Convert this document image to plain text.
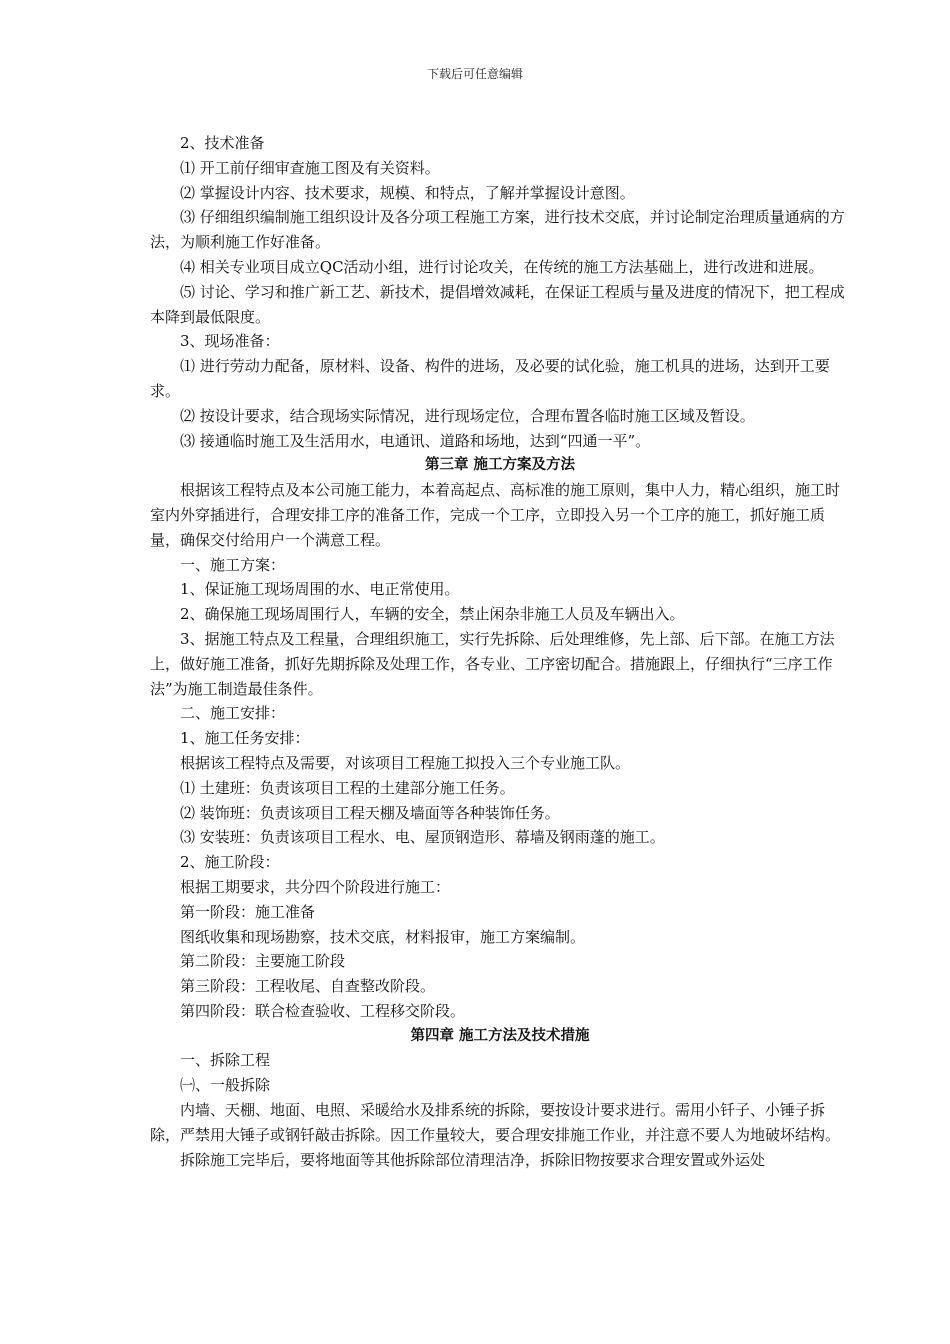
下载后可任意编辑

2、技术准备

⑴ 开工前仔细审查施工图及有关资料。

⑵ 掌握设计内容、技术要求，规模、和特点，了解并掌握设计意图。

⑶ 仔细组织编制施工组织设计及各分项工程施工方案，进行技术交底，并讨论制定治理质量通病的方法，为顺利施工作好准备。

⑷ 相关专业项目成立QC活动小组，进行讨论攻关，在传统的施工方法基础上，进行改进和进展。

⑸ 讨论、学习和推广新工艺、新技术，提倡增效减耗，在保证工程质与量及进度的情况下，把工程成本降到最低限度。

3、现场准备：

⑴ 进行劳动力配备，原材料、设备、构件的进场，及必要的试化验，施工机具的进场，达到开工要求。

⑵ 按设计要求，结合现场实际情况，进行现场定位，合理布置各临时施工区域及暂设。

⑶ 接通临时施工及生活用水，电通讯、道路和场地，达到“四通一平”。

第三章 施工方案及方法

根据该工程特点及本公司施工能力，本着高起点、高标准的施工原则，集中人力，精心组织，施工时室内外穿插进行，合理安排工序的准备工作，完成一个工序，立即投入另一个工序的施工，抓好施工质量，确保交付给用户一个满意工程。

一、施工方案：

1、保证施工现场周围的水、电正常使用。

2、确保施工现场周围行人，车辆的安全，禁止闲杂非施工人员及车辆出入。

3、据施工特点及工程量，合理组织施工，实行先拆除、后处理维修，先上部、后下部。在施工方法上，做好施工准备，抓好先期拆除及处理工作，各专业、工序密切配合。措施跟上，仔细执行“三序工作法”为施工制造最佳条件。

二、施工安排：

1、施工任务安排：

根据该工程特点及需要，对该项目工程施工拟投入三个专业施工队。

⑴ 土建班：负责该项目工程的土建部分施工任务。

⑵ 装饰班：负责该项目工程天棚及墙面等各种装饰任务。

⑶ 安装班：负责该项目工程水、电、屋顶钢造形、幕墙及钢雨蓬的施工。

2、施工阶段：

根据工期要求，共分四个阶段进行施工：

第一阶段：施工准备

图纸收集和现场勘察，技术交底，材料报审，施工方案编制。

第二阶段：主要施工阶段

第三阶段：工程收尾、自查整改阶段。

第四阶段：联合检查验收、工程移交阶段。

第四章 施工方法及技术措施

一、拆除工程

㈠、一般拆除

内墙、天棚、地面、电照、采暖给水及排系统的拆除，要按设计要求进行。需用小钎子、小锤子拆除，严禁用大锤子或钢钎敲击拆除。因工作量较大，要合理安排施工作业，并注意不要人为地破坏结构。

拆除施工完毕后，要将地面等其他拆除部位清理洁净，拆除旧物按要求合理安置或外运处
